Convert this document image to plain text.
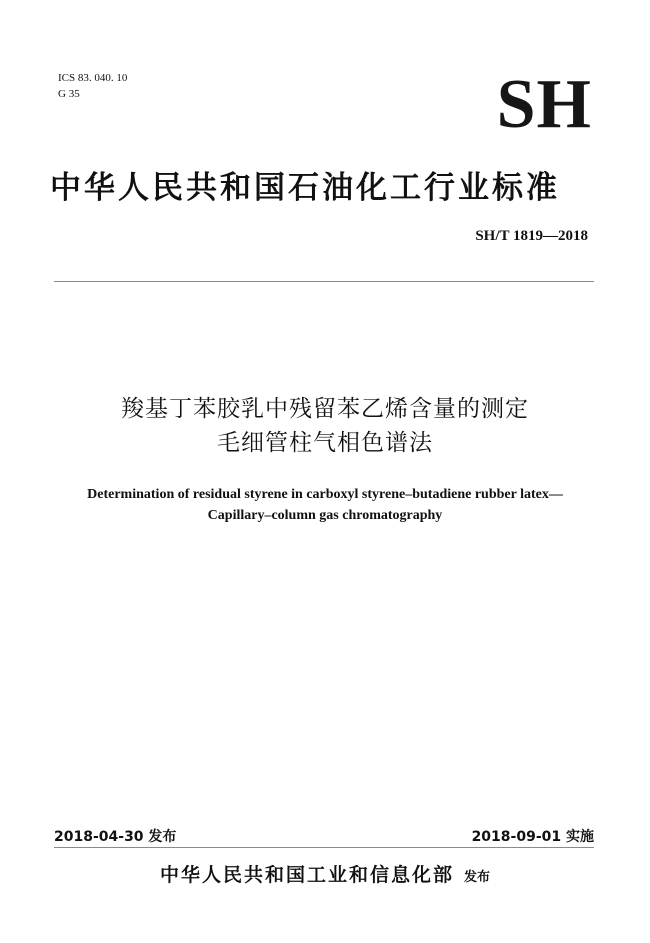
ICS 83. 040. 10
G 35	SH
中华人民共和国石油化工行业标准
SH/T 1819—2018
羧基丁苯胶乳中残留苯乙烯含量的测定
毛细管柱气相色谱法
Determination of residual styrene in carboxyl styrene–butadiene rubber latex—
Capillary–column gas chromatography
2018-04-30 发布	2018-09-01 实施
中华人民共和国工业和信息化部 发布
